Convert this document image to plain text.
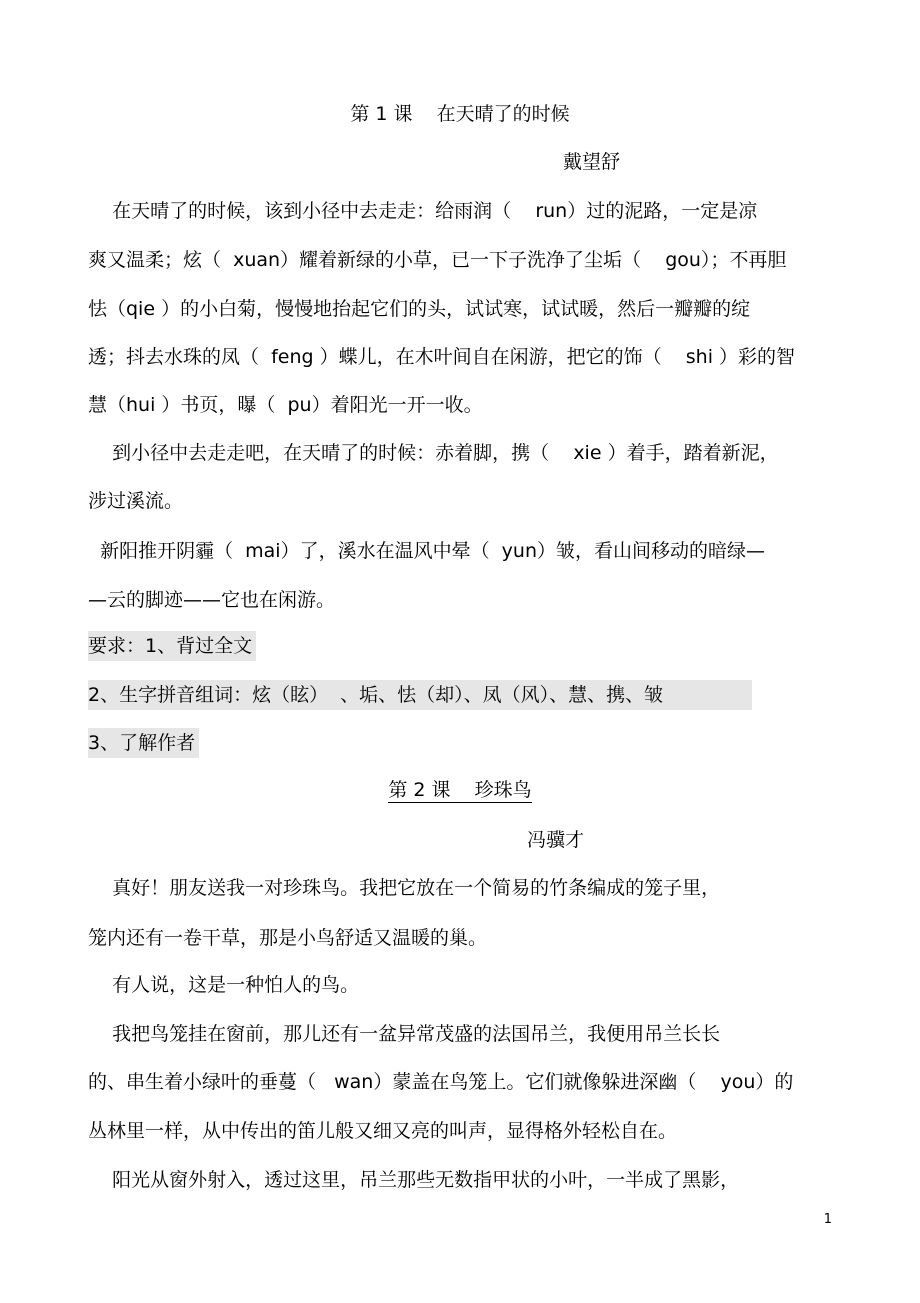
第 1 课    在天晴了的时候
戴望舒
在天晴了的时候，该到小径中去走走：给雨润（    run）过的泥路，一定是凉
爽又温柔；炫（  xuan）耀着新绿的小草，已一下子洗净了尘垢（    gou）；不再胆
怯（qie ）的小白菊，慢慢地抬起它们的头，试试寒，试试暖，然后一瓣瓣的绽
透；抖去水珠的凤（  feng ）蝶儿，在木叶间自在闲游，把它的饰（    shi ）彩的智
慧（hui ）书页，曝（  pu）着阳光一开一收。
到小径中去走走吧，在天晴了的时候：赤着脚，携（    xie ）着手，踏着新泥，
涉过溪流。
新阳推开阴霾（  mai）了，溪水在温风中晕（  yun）皱，看山间移动的暗绿—
—云的脚迹——它也在闲游。
要求：1、背过全文
2、生字拼音组词：炫（眩）  、垢、怯（却）、凤（风）、慧、携、皱
3、了解作者
第 2 课    珍珠鸟
冯骥才
真好！朋友送我一对珍珠鸟。我把它放在一个简易的竹条编成的笼子里，
笼内还有一卷干草，那是小鸟舒适又温暖的巢。
有人说，这是一种怕人的鸟。
我把鸟笼挂在窗前，那儿还有一盆异常茂盛的法国吊兰，我便用吊兰长长
的、串生着小绿叶的垂蔓（   wan）蒙盖在鸟笼上。它们就像躲进深幽（    you）的
丛林里一样，从中传出的笛儿般又细又亮的叫声，显得格外轻松自在。
阳光从窗外射入，透过这里，吊兰那些无数指甲状的小叶，一半成了黑影，
1
